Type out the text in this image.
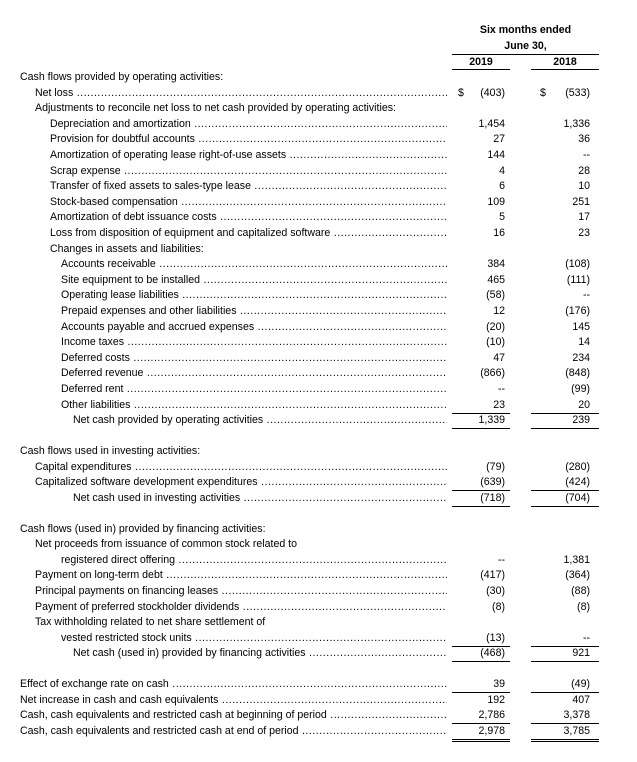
Six months ended
June 30,
2019	2018
Cash flows provided by operating activities:
Net loss .....	$ (403)	$ (533)
Adjustments to reconcile net loss to net cash provided by operating activities:
Depreciation and amortization .....	1,454	1,336
Provision for doubtful accounts .....	27	36
Amortization of operating lease right-of-use assets .....	144	--
Scrap expense .....	4	28
Transfer of fixed assets to sales-type lease .....	6	10
Stock-based compensation .....	109	251
Amortization of debt issuance costs .....	5	17
Loss from disposition of equipment and capitalized software .....	16	23
Changes in assets and liabilities:
Accounts receivable .....	384	(108)
Site equipment to be installed .....	465	(111)
Operating lease liabilities .....	(58)	--
Prepaid expenses and other liabilities .....	12	(176)
Accounts payable and accrued expenses .....	(20)	145
Income taxes .....	(10)	14
Deferred costs .....	47	234
Deferred revenue .....	(866)	(848)
Deferred rent .....	--	(99)
Other liabilities .....	23	20
Net cash provided by operating activities .....	1,339	239
Cash flows used in investing activities:
Capital expenditures .....	(79)	(280)
Capitalized software development expenditures .....	(639)	(424)
Net cash used in investing activities .....	(718)	(704)
Cash flows (used in) provided by financing activities:
Net proceeds from issuance of common stock related to
registered direct offering .....	--	1,381
Payment on long-term debt .....	(417)	(364)
Principal payments on financing leases .....	(30)	(88)
Payment of preferred stockholder dividends .....	(8)	(8)
Tax withholding related to net share settlement of
vested restricted stock units .....	(13)	--
Net cash (used in) provided by financing activities .....	(468)	921
Effect of exchange rate on cash .....	39	(49)
Net increase in cash and cash equivalents .....	192	407
Cash, cash equivalents and restricted cash at beginning of period .....	2,786	3,378
Cash, cash equivalents and restricted cash at end of period .....	2,978	3,785
